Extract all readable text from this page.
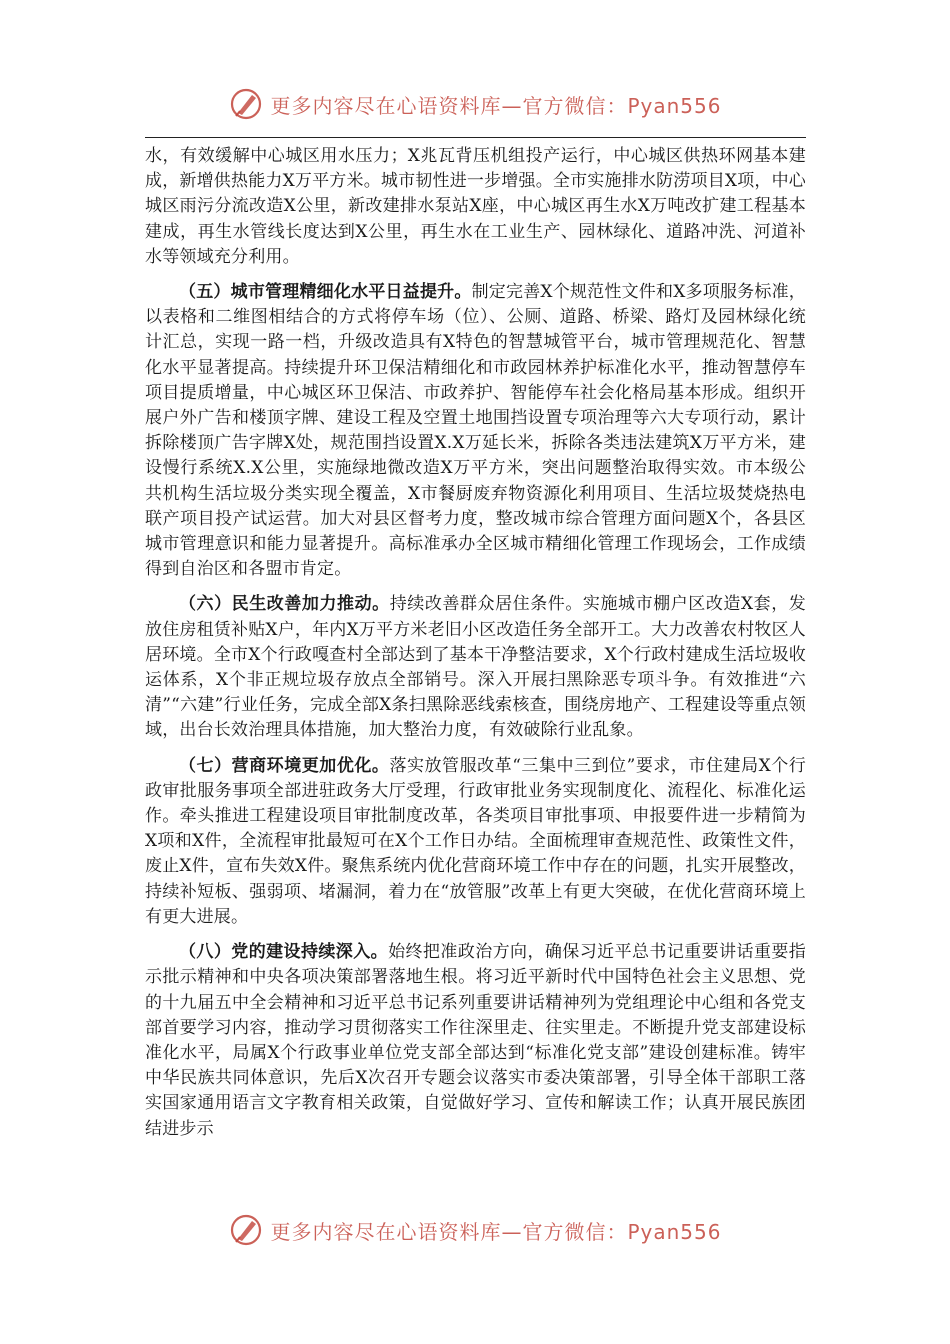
更多内容尽在心语资料库—官方微信：Pyan556

水，有效缓解中心城区用水压力；X兆瓦背压机组投产运行，中心城区供热环网基本建成，新增供热能力X万平方米。城市韧性进一步增强。全市实施排水防涝项目X项，中心城区雨污分流改造X公里，新改建排水泵站X座，中心城区再生水X万吨改扩建工程基本建成，再生水管线长度达到X公里，再生水在工业生产、园林绿化、道路冲洗、河道补水等领域充分利用。

（五）城市管理精细化水平日益提升。制定完善X个规范性文件和X多项服务标准，以表格和二维图相结合的方式将停车场（位）、公厕、道路、桥梁、路灯及园林绿化统计汇总，实现一路一档，升级改造具有X特色的智慧城管平台，城市管理规范化、智慧化水平显著提高。持续提升环卫保洁精细化和市政园林养护标准化水平，推动智慧停车项目提质增量，中心城区环卫保洁、市政养护、智能停车社会化格局基本形成。组织开展户外广告和楼顶字牌、建设工程及空置土地围挡设置专项治理等六大专项行动，累计拆除楼顶广告字牌X处，规范围挡设置X.X万延长米，拆除各类违法建筑X万平方米，建设慢行系统X.X公里，实施绿地微改造X万平方米，突出问题整治取得实效。市本级公共机构生活垃圾分类实现全覆盖，X市餐厨废弃物资源化利用项目、生活垃圾焚烧热电联产项目投产试运营。加大对县区督考力度，整改城市综合管理方面问题X个，各县区城市管理意识和能力显著提升。高标准承办全区城市精细化管理工作现场会，工作成绩得到自治区和各盟市肯定。

（六）民生改善加力推动。持续改善群众居住条件。实施城市棚户区改造X套，发放住房租赁补贴X户，年内X万平方米老旧小区改造任务全部开工。大力改善农村牧区人居环境。全市X个行政嘎查村全部达到了基本干净整洁要求，X个行政村建成生活垃圾收运体系，X个非正规垃圾存放点全部销号。深入开展扫黑除恶专项斗争。有效推进“六清”“六建”行业任务，完成全部X条扫黑除恶线索核查，围绕房地产、工程建设等重点领域，出台长效治理具体措施，加大整治力度，有效破除行业乱象。

（七）营商环境更加优化。落实放管服改革“三集中三到位”要求，市住建局X个行政审批服务事项全部进驻政务大厅受理，行政审批业务实现制度化、流程化、标准化运作。牵头推进工程建设项目审批制度改革，各类项目审批事项、申报要件进一步精简为X项和X件，全流程审批最短可在X个工作日办结。全面梳理审查规范性、政策性文件，废止X件，宣布失效X件。聚焦系统内优化营商环境工作中存在的问题，扎实开展整改，持续补短板、强弱项、堵漏洞，着力在“放管服”改革上有更大突破，在优化营商环境上有更大进展。

（八）党的建设持续深入。始终把准政治方向，确保习近平总书记重要讲话重要指示批示精神和中央各项决策部署落地生根。将习近平新时代中国特色社会主义思想、党的十九届五中全会精神和习近平总书记系列重要讲话精神列为党组理论中心组和各党支部首要学习内容，推动学习贯彻落实工作往深里走、往实里走。不断提升党支部建设标准化水平，局属X个行政事业单位党支部全部达到“标准化党支部”建设创建标准。铸牢中华民族共同体意识，先后X次召开专题会议落实市委决策部署，引导全体干部职工落实国家通用语言文字教育相关政策，自觉做好学习、宣传和解读工作；认真开展民族团结进步示

更多内容尽在心语资料库—官方微信：Pyan556
